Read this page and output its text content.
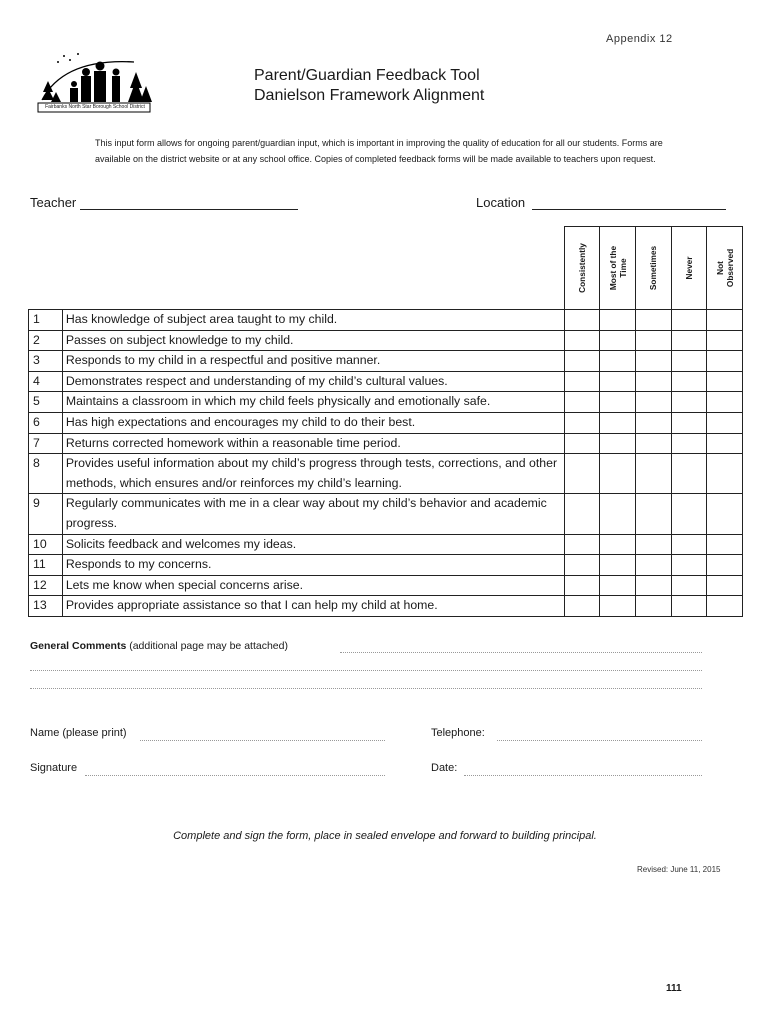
Appendix 12
Fairbanks North Star Borough School District
Parent/Guardian Feedback Tool
Danielson Framework Alignment
This input form allows for ongoing parent/guardian input, which is important in improving the quality of education for all our students. Forms are available on the district website or at any school office. Copies of completed feedback forms will be made available to teachers upon request.
Teacher	Location

		Consistently	Most of the Time	Sometimes	Never	Not Observed

1	Has knowledge of subject area taught to my child.					
2	Passes on subject knowledge to my child.					
3	Responds to my child in a respectful and positive manner.					
4	Demonstrates respect and understanding of my child’s cultural values.					
5	Maintains a classroom in which my child feels physically and emotionally safe.					
6	Has high expectations and encourages my child to do their best.					
7	Returns corrected homework within a reasonable time period.					
8	Provides useful information about my child’s progress through tests, corrections, and other methods, which ensures and/or reinforces my child’s learning.					
9	Regularly communicates with me in a clear way about my child’s behavior and academic progress.					
10	Solicits feedback and welcomes my ideas.					
11	Responds to my concerns.					
12	Lets me know when special concerns arise.					
13	Provides appropriate assistance so that I can help my child at home.					
General Comments (additional page may be attached)
Name (please print)	Telephone:
Signature	Date:
Complete and sign the form, place in sealed envelope and forward to building principal.
Revised: June 11, 2015
111
